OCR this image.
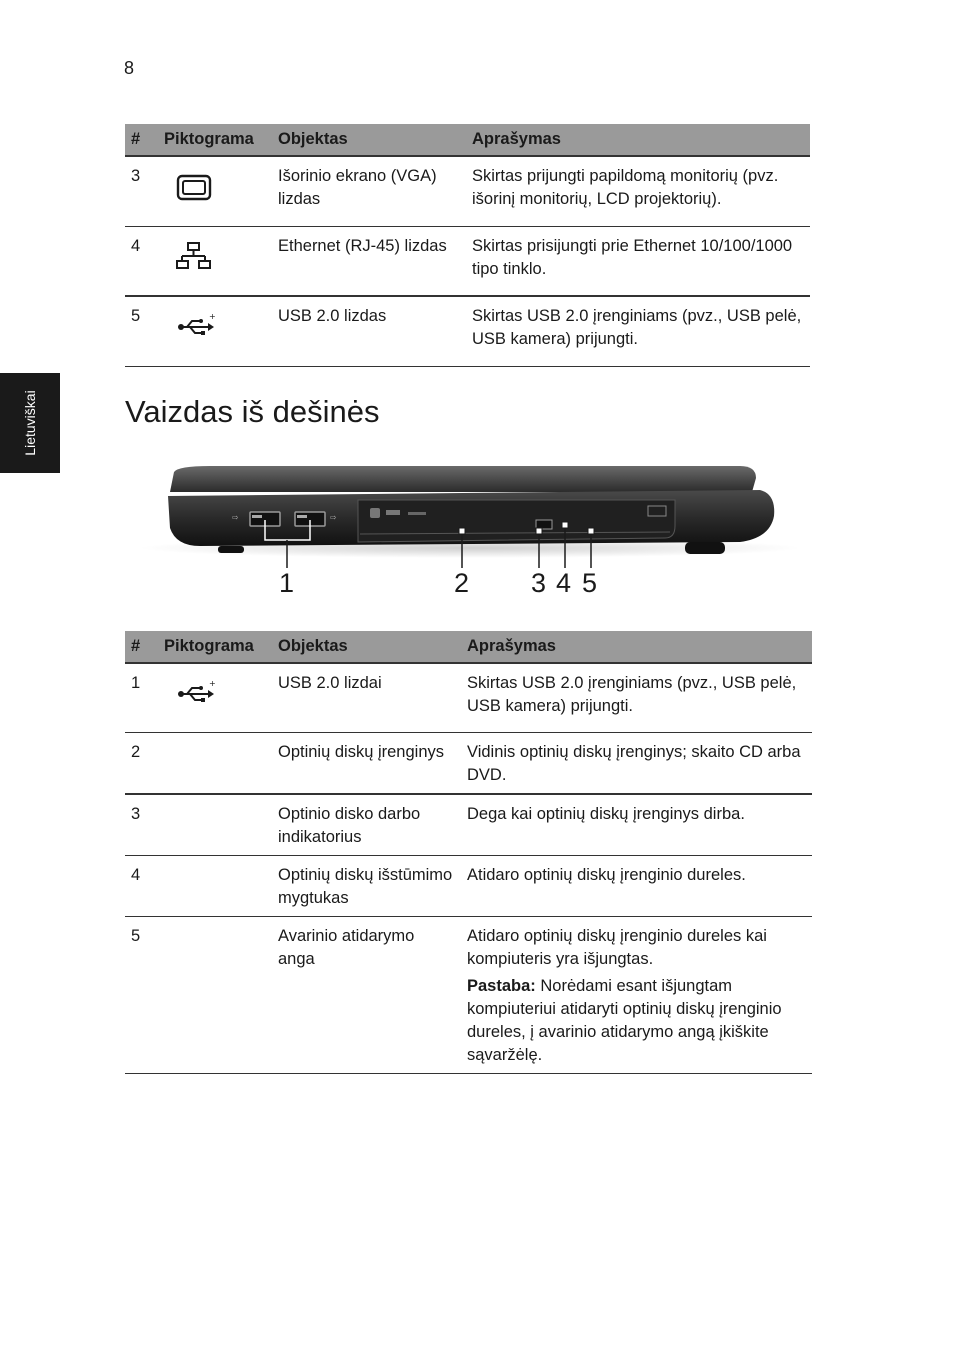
8
Lietuviškai
#	Piktograma	Objektas	Aprašymas
3		Išorinio ekrano (VGA) lizdas	Skirtas prijungti papildomą monitorių (pvz. išorinį monitorių, LCD projektorių).
4		Ethernet (RJ-45) lizdas	Skirtas prisijungti prie Ethernet 10/100/1000 tipo tinklo.
5	+	USB 2.0 lizdas	Skirtas USB 2.0 įrenginiams (pvz., USB pelė, USB kamera) prijungti.
Vaizdas iš dešinės
⇨	⇨
1	2 3 4 5
#	Piktograma	Objektas	Aprašymas
1	+	USB 2.0 lizdai	Skirtas USB 2.0 įrenginiams (pvz., USB pelė, USB kamera) prijungti.
2		Optinių diskų įrenginys	Vidinis optinių diskų įrenginys; skaito CD arba DVD.
3		Optinio disko darbo indikatorius	Dega kai optinių diskų įrenginys dirba.
4		Optinių diskų išstūmimo mygtukas	Atidaro optinių diskų įrenginio dureles.
5		Avarinio atidarymo anga	Atidaro optinių diskų įrenginio dureles kai kompiuteris yra išjungtas.

Pastaba: Norėdami esant išjungtam kompiuteriui atidaryti optinių diskų įrenginio dureles, į avarinio atidarymo angą įkiškite sąvaržėlę.
